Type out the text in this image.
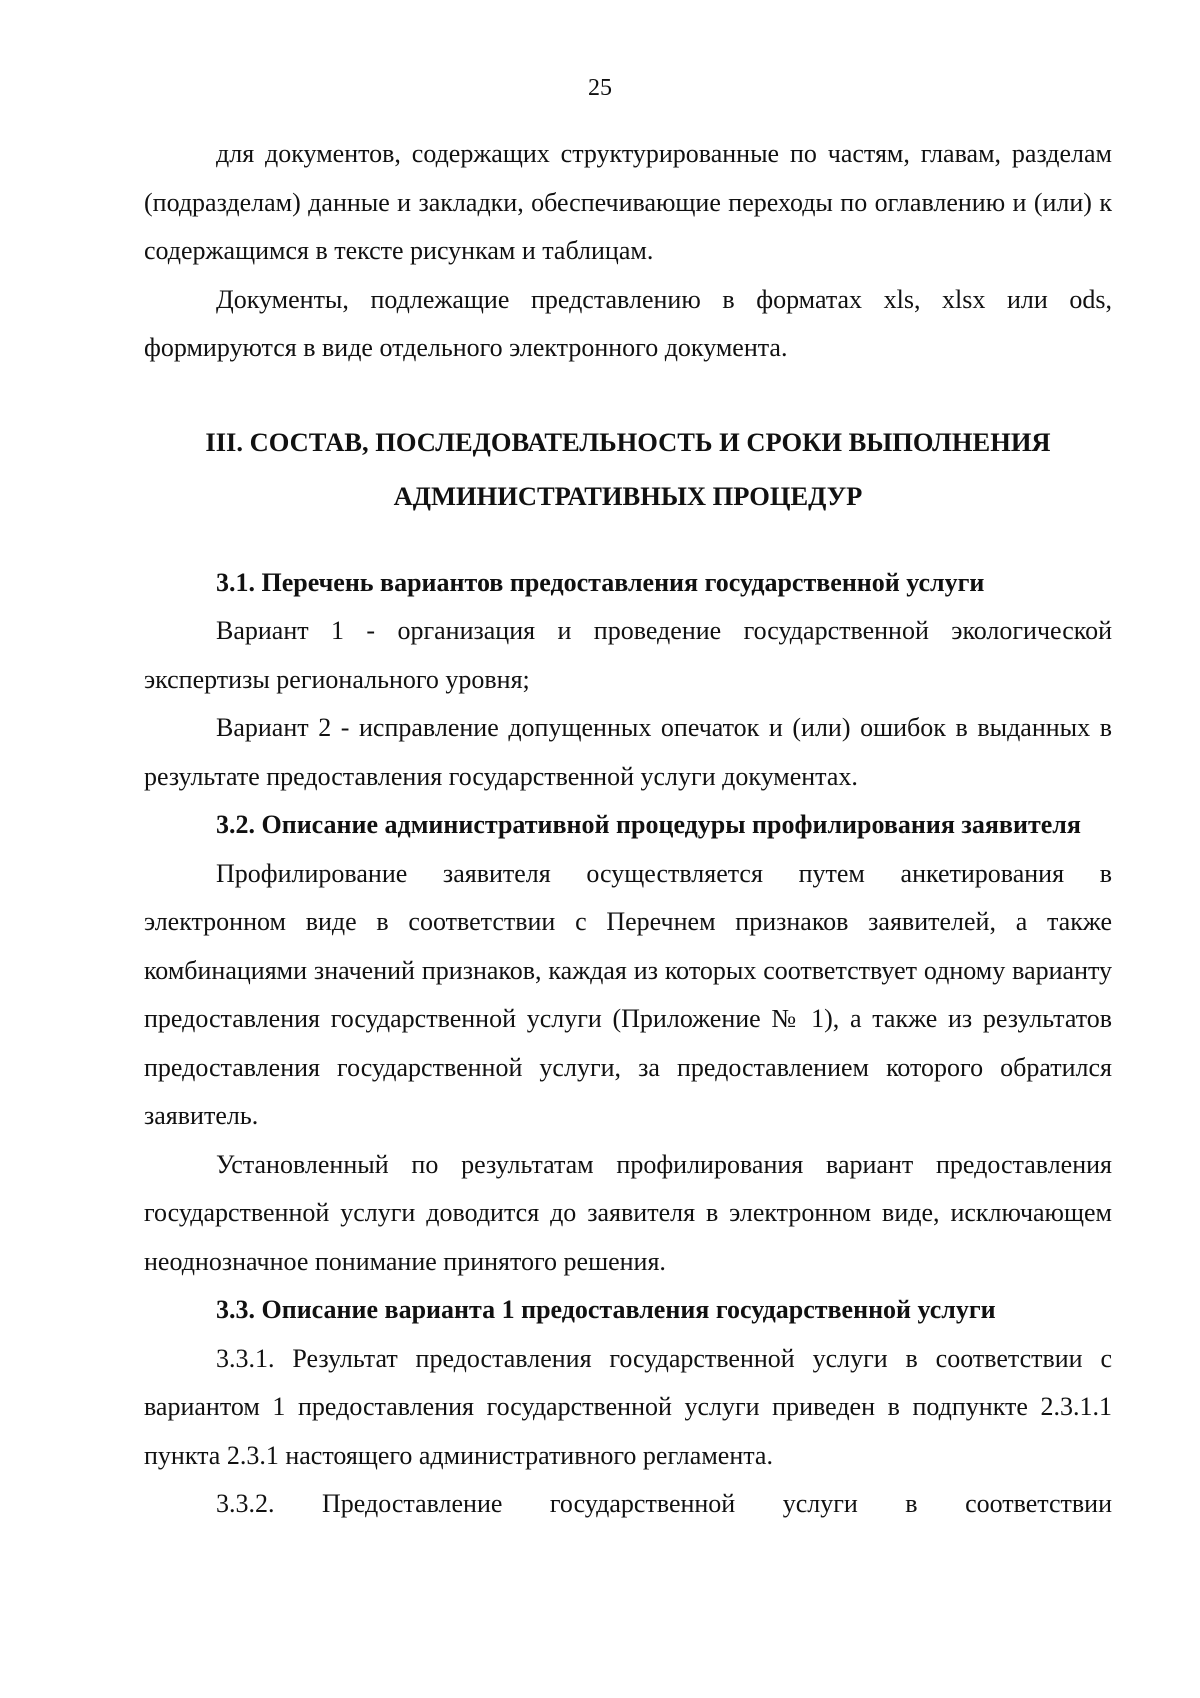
25

для документов, содержащих структурированные по частям, главам, разделам (подразделам) данные и закладки, обеспечивающие переходы по оглавлению и (или) к содержащимся в тексте рисункам и таблицам.

Документы, подлежащие представлению в форматах xls, xlsx или ods, формируются в виде отдельного электронного документа.

III. СОСТАВ, ПОСЛЕДОВАТЕЛЬНОСТЬ И СРОКИ ВЫПОЛНЕНИЯ
АДМИНИСТРАТИВНЫХ ПРОЦЕДУР

3.1. Перечень вариантов предоставления государственной услуги

Вариант 1 - организация и проведение государственной экологической экспертизы регионального уровня;

Вариант 2 - исправление допущенных опечаток и (или) ошибок в выданных в результате предоставления государственной услуги документах.

3.2. Описание административной процедуры профилирования заявителя

Профилирование заявителя осуществляется путем анкетирования в электронном виде в соответствии с Перечнем признаков заявителей, а также комбинациями значений признаков, каждая из которых соответствует одному варианту предоставления государственной услуги (Приложение № 1), а также из результатов предоставления государственной услуги, за предоставлением которого обратился заявитель.

Установленный по результатам профилирования вариант предоставления государственной услуги доводится до заявителя в электронном виде, исключающем неоднозначное понимание принятого решения.

3.3. Описание варианта 1 предоставления государственной услуги

3.3.1. Результат предоставления государственной услуги в соответствии с вариантом 1 предоставления государственной услуги приведен в подпункте 2.3.1.1 пункта 2.3.1 настоящего административного регламента.

3.3.2. Предоставление государственной услуги в соответствии
